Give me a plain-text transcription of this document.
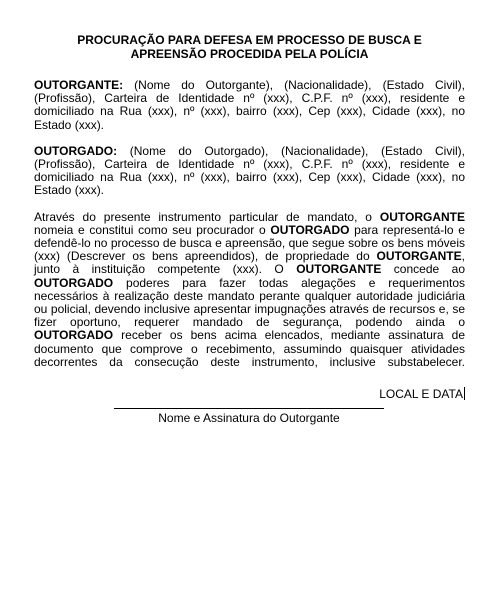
PROCURAÇÃO PARA DEFESA EM PROCESSO DE BUSCA E APREENSÃO PROCEDIDA PELA POLÍCIA

OUTORGANTE: (Nome do Outorgante), (Nacionalidade), (Estado Civil), (Profissão), Carteira de Identidade nº (xxx), C.P.F. nº (xxx), residente e domiciliado na Rua (xxx), nº (xxx), bairro (xxx), Cep (xxx), Cidade (xxx), no Estado (xxx).

OUTORGADO: (Nome do Outorgado), (Nacionalidade), (Estado Civil), (Profissão), Carteira de Identidade nº (xxx), C.P.F. nº (xxx), residente e domiciliado na Rua (xxx), nº (xxx), bairro (xxx), Cep (xxx), Cidade (xxx), no Estado (xxx).

Através do presente instrumento particular de mandato, o OUTORGANTE nomeia e constitui como seu procurador o OUTORGADO para representá-lo e defendê-lo no processo de busca e apreensão, que segue sobre os bens móveis (xxx) (Descrever os bens apreendidos), de propriedade do OUTORGANTE, junto à instituição competente (xxx). O OUTORGANTE concede ao OUTORGADO poderes para fazer todas alegações e requerimentos necessários à realização deste mandato perante qualquer autoridade judiciária ou policial, devendo inclusive apresentar impugnações através de recursos e, se fizer oportuno, requerer mandado de segurança, podendo ainda o OUTORGADO receber os bens acima elencados, mediante assinatura de documento que comprove o recebimento, assumindo quaisquer atividades decorrentes da consecução deste instrumento, inclusive substabelecer.

LOCAL E DATA
Nome e Assinatura do Outorgante
